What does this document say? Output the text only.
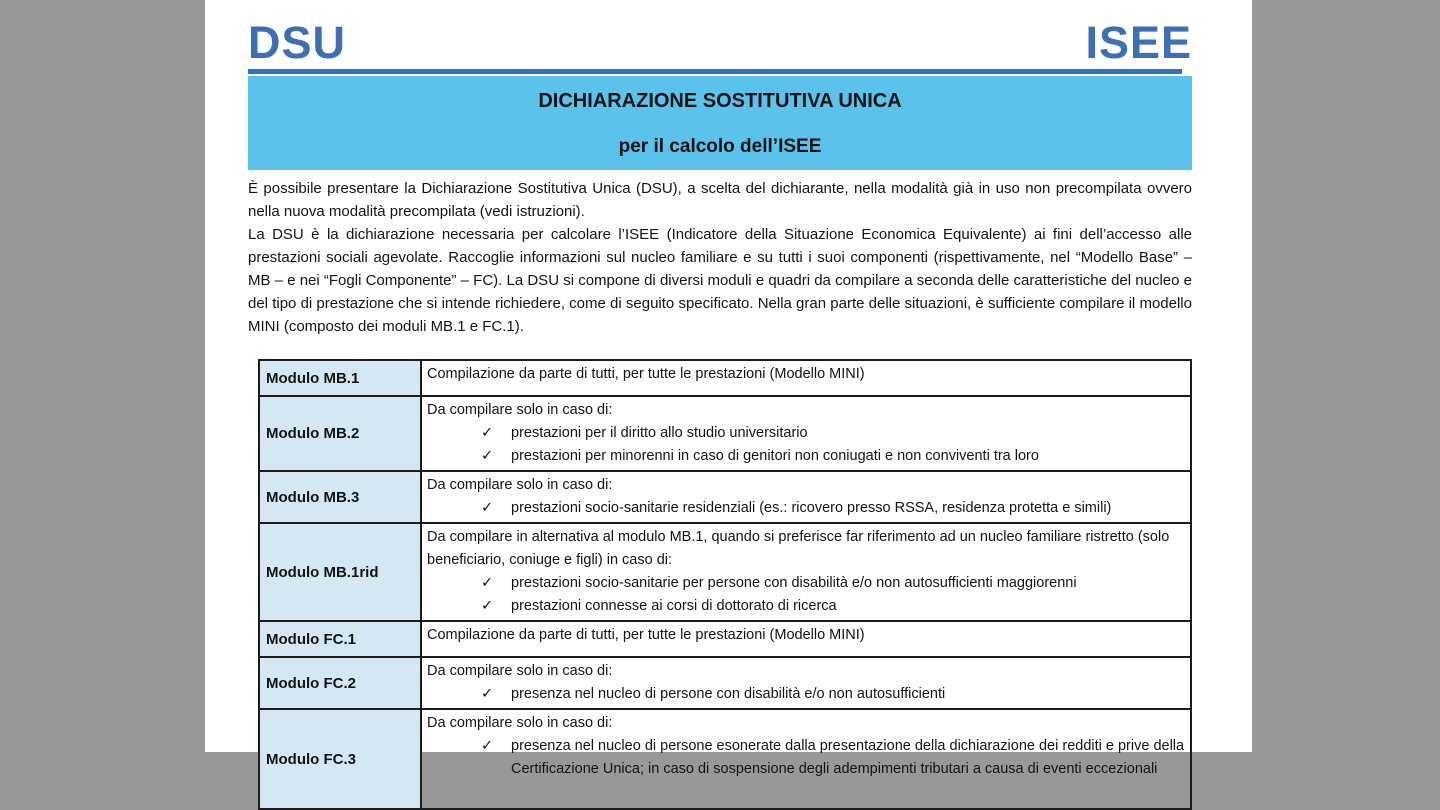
DSU	ISEE
DICHIARAZIONE SOSTITUTIVA UNICA
per il calcolo dell’ISEE

È possibile presentare la Dichiarazione Sostitutiva Unica (DSU), a scelta del dichiarante, nella modalità già in uso non precompilata ovvero nella nuova modalità precompilata (vedi istruzioni).

La DSU è la dichiarazione necessaria per calcolare l’ISEE (Indicatore della Situazione Economica Equivalente) ai fini dell’accesso alle prestazioni sociali agevolate. Raccoglie informazioni sul nucleo familiare e su tutti i suoi componenti (rispettivamente, nel “Modello Base” – MB – e nei “Fogli Componente” – FC). La DSU si compone di diversi moduli e quadri da compilare a seconda delle caratteristiche del nucleo e del tipo di prestazione che si intende richiedere, come di seguito specificato. Nella gran parte delle situazioni, è sufficiente compilare il modello MINI (composto dei moduli MB.1 e FC.1).

Modulo MB.1	Compilazione da parte di tutti, per tutte le prestazioni (Modello MINI)

Modulo MB.2	Da compilare solo in caso di:
✓ prestazioni per il diritto allo studio universitario
✓ prestazioni per minorenni in caso di genitori non coniugati e non conviventi tra loro

Modulo MB.3	Da compilare solo in caso di:
✓ prestazioni socio-sanitarie residenziali (es.: ricovero presso RSSA, residenza protetta e simili)

Modulo MB.1rid	Da compilare in alternativa al modulo MB.1, quando si preferisce far riferimento ad un nucleo familiare ristretto (solo beneficiario, coniuge e figli) in caso di:
✓ prestazioni socio-sanitarie per persone con disabilità e/o non autosufficienti maggiorenni
✓ prestazioni connesse ai corsi di dottorato di ricerca

Modulo FC.1	Compilazione da parte di tutti, per tutte le prestazioni (Modello MINI)

Modulo FC.2	Da compilare solo in caso di:
✓ presenza nel nucleo di persone con disabilità e/o non autosufficienti

Modulo FC.3	Da compilare solo in caso di:
✓ presenza nel nucleo di persone esonerate dalla presentazione della dichiarazione dei redditi e prive della Certificazione Unica; in caso di sospensione degli adempimenti tributari a causa di eventi eccezionali
